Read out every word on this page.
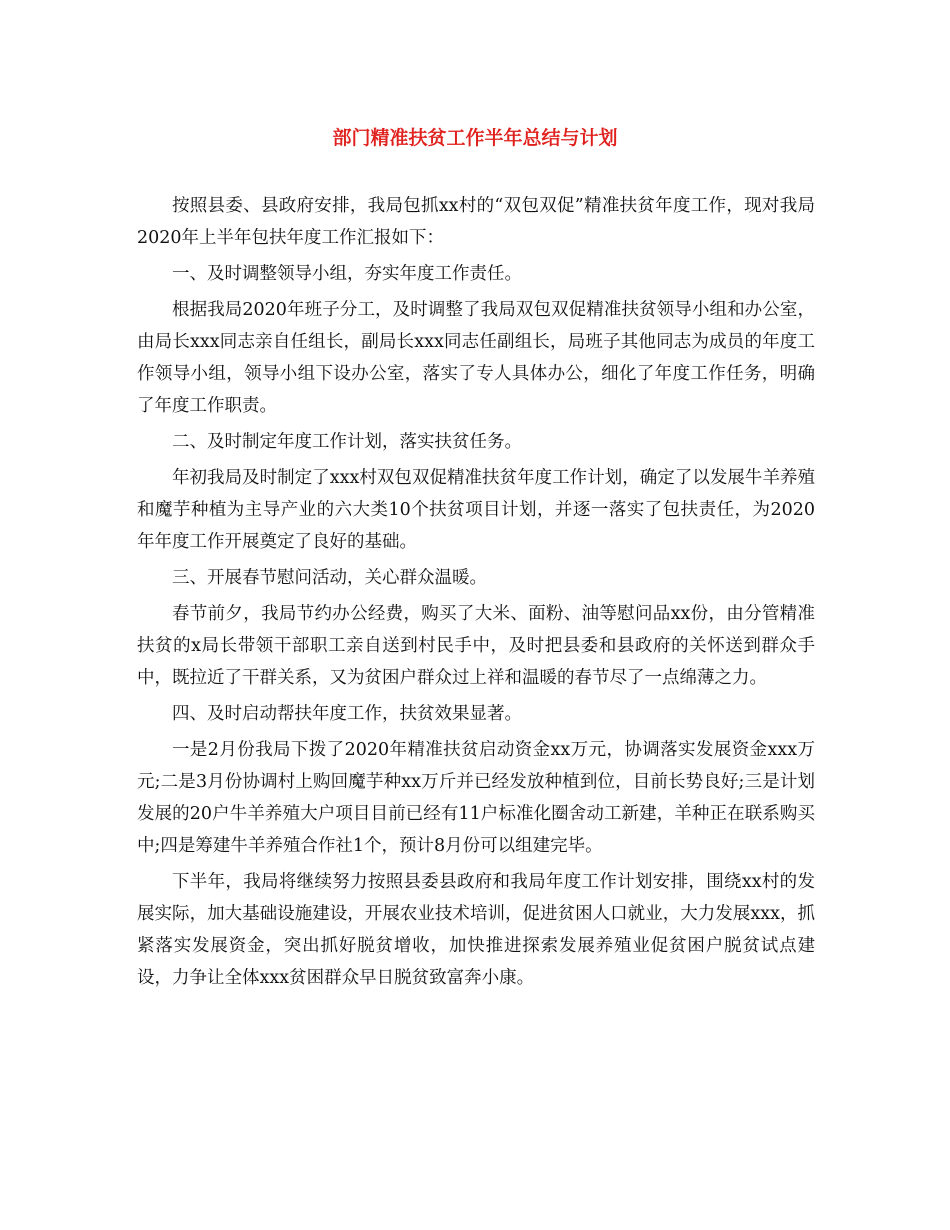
部门精准扶贫工作半年总结与计划

按照县委、县政府安排，我局包抓xx村的“双包双促”精准扶贫年度工作，现对我局2020年上半年包扶年度工作汇报如下：

一、及时调整领导小组，夯实年度工作责任。

根据我局2020年班子分工，及时调整了我局双包双促精准扶贫领导小组和办公室，由局长xxx同志亲自任组长，副局长xxx同志任副组长，局班子其他同志为成员的年度工作领导小组，领导小组下设办公室，落实了专人具体办公，细化了年度工作任务，明确了年度工作职责。

二、及时制定年度工作计划，落实扶贫任务。

年初我局及时制定了xxx村双包双促精准扶贫年度工作计划，确定了以发展牛羊养殖和魔芋种植为主导产业的六大类10个扶贫项目计划，并逐一落实了包扶责任，为2020年年度工作开展奠定了良好的基础。

三、开展春节慰问活动，关心群众温暖。

春节前夕，我局节约办公经费，购买了大米、面粉、油等慰问品xx份，由分管精准扶贫的x局长带领干部职工亲自送到村民手中，及时把县委和县政府的关怀送到群众手中，既拉近了干群关系，又为贫困户群众过上祥和温暖的春节尽了一点绵薄之力。

四、及时启动帮扶年度工作，扶贫效果显著。

一是2月份我局下拨了2020年精准扶贫启动资金xx万元，协调落实发展资金xxx万元;二是3月份协调村上购回魔芋种xx万斤并已经发放种植到位，目前长势良好;三是计划发展的20户牛羊养殖大户项目目前已经有11户标准化圈舍动工新建，羊种正在联系购买中;四是筹建牛羊养殖合作社1个，预计8月份可以组建完毕。

下半年，我局将继续努力按照县委县政府和我局年度工作计划安排，围绕xx村的发展实际，加大基础设施建设，开展农业技术培训，促进贫困人口就业，大力发展xxx，抓紧落实发展资金，突出抓好脱贫增收，加快推进探索发展养殖业促贫困户脱贫试点建设，力争让全体xxx贫困群众早日脱贫致富奔小康。
